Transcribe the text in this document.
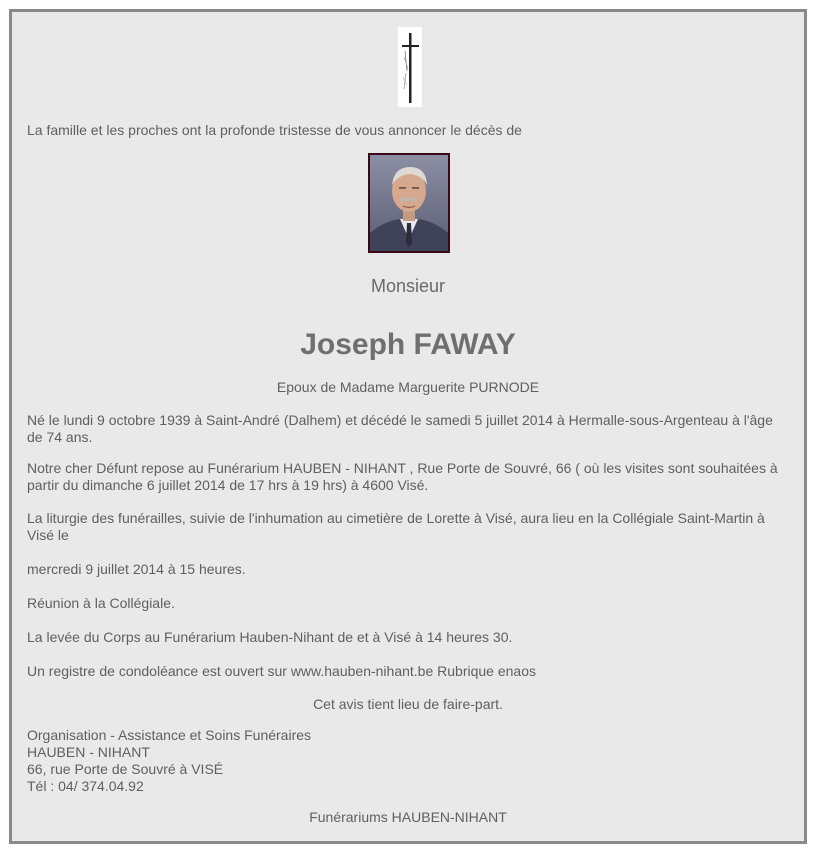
La famille et les proches ont la profonde tristesse de vous annoncer le décès de

Monsieur
Joseph FAWAY

Epoux de Madame Marguerite PURNODE

Né le lundi 9 octobre 1939 à Saint-André (Dalhem) et décédé le samedi 5 juillet 2014 à Hermalle-sous-Argenteau à l'âge de 74 ans.

Notre cher Défunt repose au Funérarium HAUBEN - NIHANT , Rue Porte de Souvré, 66 ( où les visites sont souhaitées à partir du dimanche 6 juillet 2014 de 17 hrs à 19 hrs) à 4600 Visé.

La liturgie des funérailles, suivie de l'inhumation au cimetière de Lorette à Visé, aura lieu en la Collégiale Saint-Martin à Visé le

mercredi 9 juillet 2014 à 15 heures.

Réunion à la Collégiale.

La levée du Corps au Funérarium Hauben-Nihant de et à Visé à 14 heures 30.

Un registre de condoléance est ouvert sur www.hauben-nihant.be Rubrique enaos

Cet avis tient lieu de faire-part.

Organisation - Assistance et Soins Funéraires
HAUBEN - NIHANT
66, rue Porte de Souvré à VISÉ
Tél : 04/ 374.04.92

Funérariums HAUBEN-NIHANT
